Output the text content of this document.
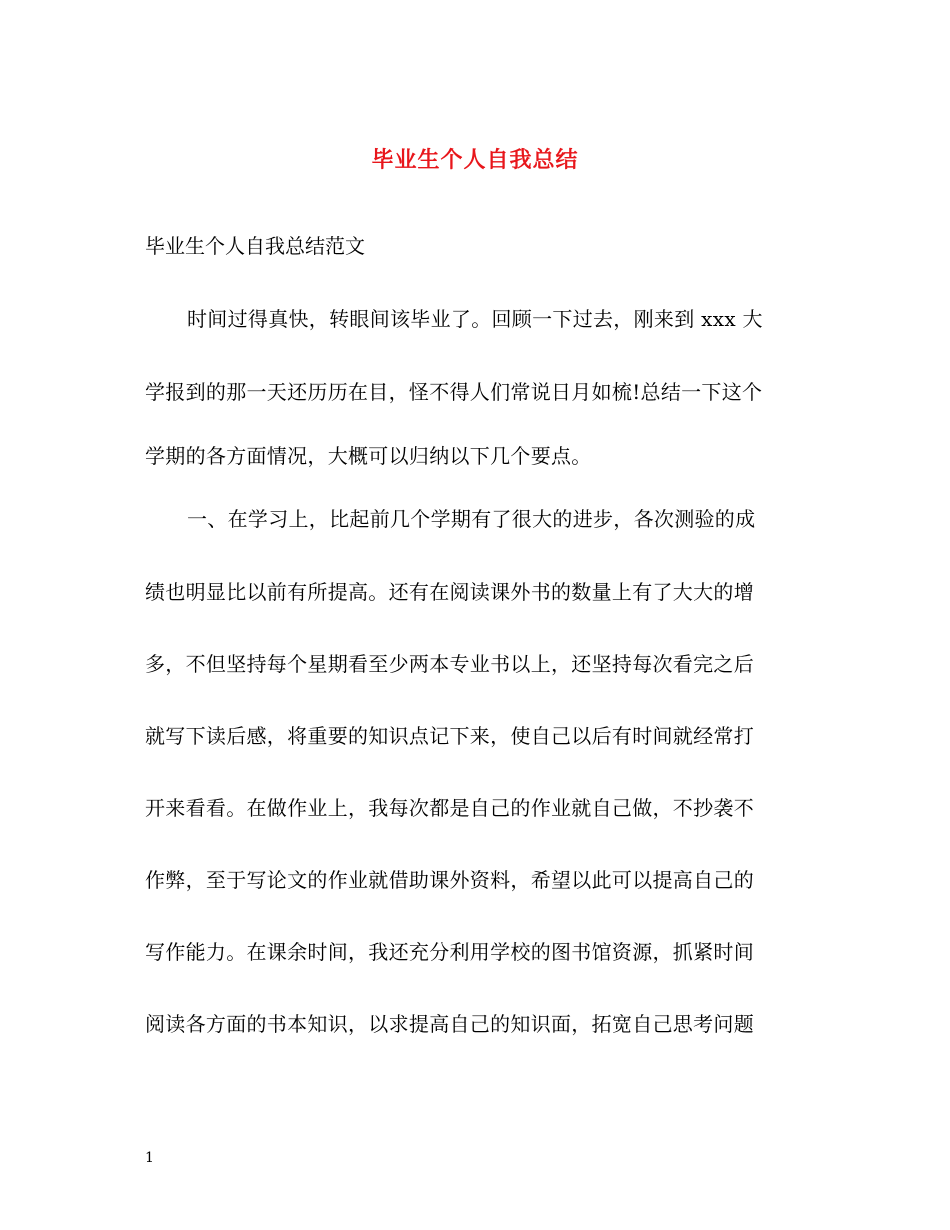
毕业生个人自我总结

毕业生个人自我总结范文

时间过得真快，转眼间该毕业了。回顾一下过去，刚来到 xxx 大

学报到的那一天还历历在目，怪不得人们常说日月如梳!总结一下这个

学期的各方面情况，大概可以归纳以下几个要点。

一、在学习上，比起前几个学期有了很大的进步，各次测验的成

绩也明显比以前有所提高。还有在阅读课外书的数量上有了大大的增

多，不但坚持每个星期看至少两本专业书以上，还坚持每次看完之后

就写下读后感，将重要的知识点记下来，使自己以后有时间就经常打

开来看看。在做作业上，我每次都是自己的作业就自己做，不抄袭不

作弊，至于写论文的作业就借助课外资料，希望以此可以提高自己的

写作能力。在课余时间，我还充分利用学校的图书馆资源，抓紧时间

阅读各方面的书本知识，以求提高自己的知识面，拓宽自己思考问题

1
